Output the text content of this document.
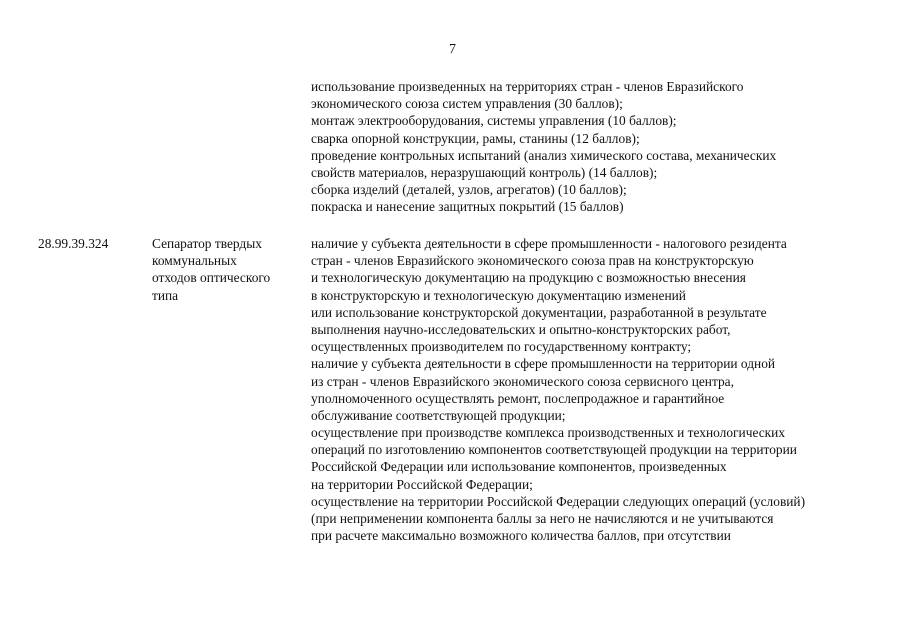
7
использование произведенных на территориях стран - членов Евразийского
экономического союза систем управления (30 баллов);
монтаж электрооборудования, системы управления (10 баллов);
сварка опорной конструкции, рамы, станины (12 баллов);
проведение контрольных испытаний (анализ химического состава, механических
свойств материалов, неразрушающий контроль) (14 баллов);
сборка изделий (деталей, узлов, агрегатов) (10 баллов);
покраска и нанесение защитных покрытий (15 баллов)
28.99.39.324	Сепаратор твердых
коммунальных
отходов оптического
типа
наличие у субъекта деятельности в сфере промышленности - налогового резидента
стран - членов Евразийского экономического союза прав на конструкторскую
и технологическую документацию на продукцию с возможностью внесения
в конструкторскую и технологическую документацию изменений
или использование конструкторской документации, разработанной в результате
выполнения научно-исследовательских и опытно-конструкторских работ,
осуществленных производителем по государственному контракту;
наличие у субъекта деятельности в сфере промышленности на территории одной
из стран - членов Евразийского экономического союза сервисного центра,
уполномоченного осуществлять ремонт, послепродажное и гарантийное
обслуживание соответствующей продукции;
осуществление при производстве комплекса производственных и технологических
операций по изготовлению компонентов соответствующей продукции на территории
Российской Федерации или использование компонентов, произведенных
на территории Российской Федерации;
осуществление на территории Российской Федерации следующих операций (условий)
(при неприменении компонента баллы за него не начисляются и не учитываются
при расчете максимально возможного количества баллов, при отсутствии
